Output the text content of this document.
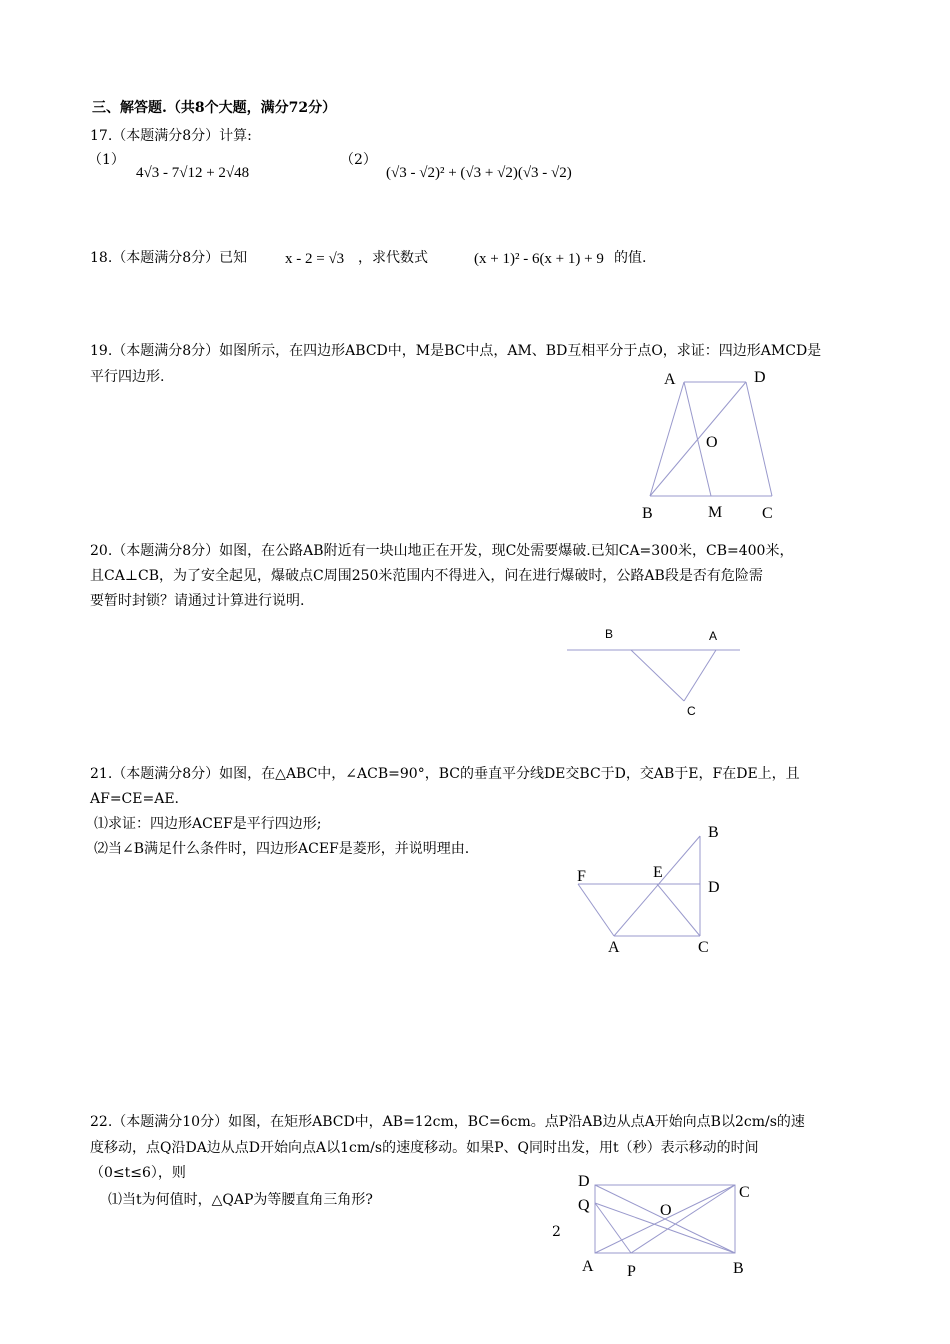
三、解答题.（共8个大题，满分72分）
17.（本题满分8分）计算:
（1）
4√3 - 7√12 + 2√48
（2）
(√3 - √2)² + (√3 + √2)(√3 - √2)
18.（本题满分8分）已知	x - 2 = √3 ，求代数式	(x + 1)² - 6(x + 1) + 9 的值.
19.（本题满分8分）如图所示，在四边形ABCD中，M是BC中点，AM、BD互相平分于点O，求证：四边形AMCD是
平行四边形.	A	D
O
B	M C
20.（本题满分8分）如图，在公路AB附近有一块山地正在开发，现C处需要爆破.已知CA=300米，CB=400米，
且CA⊥CB，为了安全起见，爆破点C周围250米范围内不得进入，问在进行爆破时，公路AB段是否有危险需
要暂时封锁？请通过计算进行说明.
B	A
C
21.（本题满分8分）如图，在△ABC中，∠ACB=90°，BC的垂直平分线DE交BC于D，交AB于E，F在DE上，且
AF=CE=AE.
⑴求证：四边形ACEF是平行四边形;
⑵当∠B满足什么条件时，四边形ACEF是菱形，并说明理由.
B
F	E
D
A	C
22.（本题满分10分）如图，在矩形ABCD中，AB=12cm，BC=6cm。点P沿AB边从点A开始向点B以2cm/s的速
度移动，点Q沿DA边从点D开始向点A以1cm/s的速度移动。如果P、Q同时出发，用t（秒）表示移动的时间
（0≤t≤6），则
⑴当t为何值时，△QAP为等腰直角三角形?
D
C
Q	O
A P	B
2
